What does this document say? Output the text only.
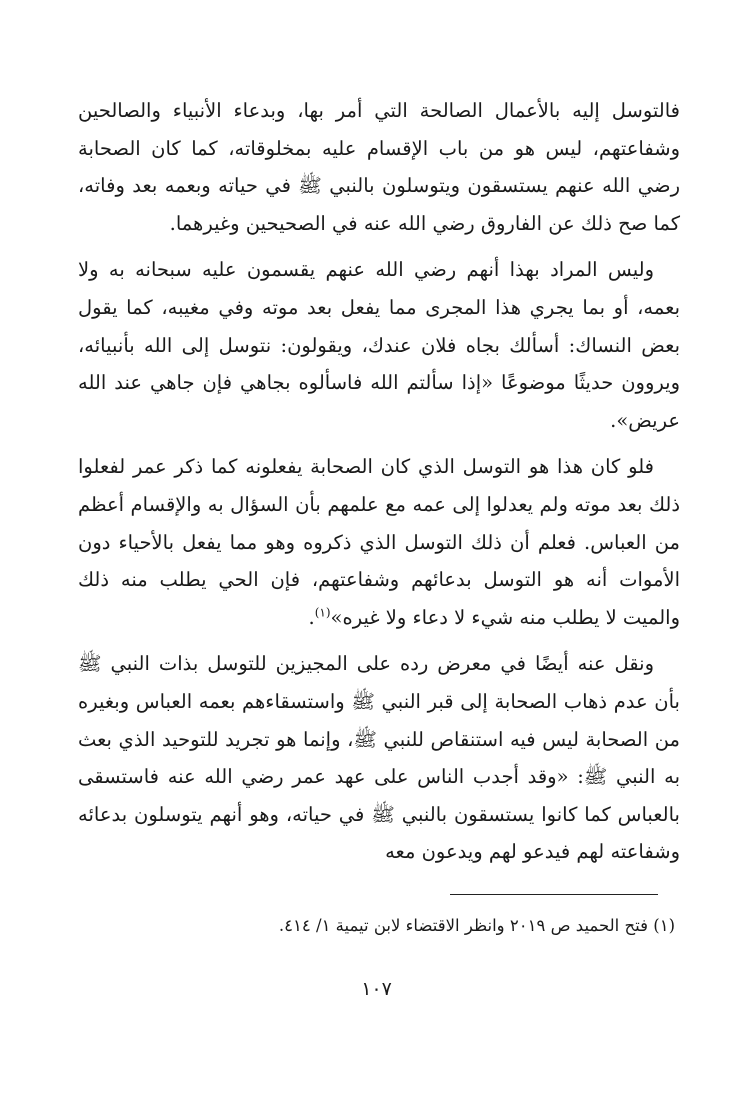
فالتوسل إليه بالأعمال الصالحة التي أمر بها، وبدعاء الأنبياء والصالحين وشفاعتهم، ليس هو من باب الإقسام عليه بمخلوقاته، كما كان الصحابة رضي الله عنهم يستسقون ويتوسلون بالنبي ﷺ في حياته وبعمه بعد وفاته، كما صح ذلك عن الفاروق رضي الله عنه في الصحيحين وغيرهما.

وليس المراد بهذا أنهم رضي الله عنهم يقسمون عليه سبحانه به ولا بعمه، أو بما يجري هذا المجرى مما يفعل بعد موته وفي مغيبه، كما يقول بعض النساك: أسألك بجاه فلان عندك، ويقولون: نتوسل إلى الله بأنبيائه، ويروون حديثًا موضوعًا «إذا سألتم الله فاسألوه بجاهي فإن جاهي عند الله عريض».

فلو كان هذا هو التوسل الذي كان الصحابة يفعلونه كما ذكر عمر لفعلوا ذلك بعد موته ولم يعدلوا إلى عمه مع علمهم بأن السؤال به والإقسام أعظم من العباس. فعلم أن ذلك التوسل الذي ذكروه وهو مما يفعل بالأحياء دون الأموات أنه هو التوسل بدعائهم وشفاعتهم، فإن الحي يطلب منه ذلك والميت لا يطلب منه شيء لا دعاء ولا غيره»$^{(١)}$.

ونقل عنه أيضًا في معرض رده على المجيزين للتوسل بذات النبي ﷺ بأن عدم ذهاب الصحابة إلى قبر النبي ﷺ واستسقاءهم بعمه العباس وبغيره من الصحابة ليس فيه استنقاص للنبي ﷺ، وإنما هو تجريد للتوحيد الذي بعث به النبي ﷺ: «وقد أجدب الناس على عهد عمر رضي الله عنه فاستسقى بالعباس كما كانوا يستسقون بالنبي ﷺ في حياته، وهو أنهم يتوسلون بدعائه وشفاعته لهم فيدعو لهم ويدعون معه

(١) فتح الحميد ص ٢٠١٩ وانظر الاقتضاء لابن تيمية ١/ ٤١٤.
١٠٧
